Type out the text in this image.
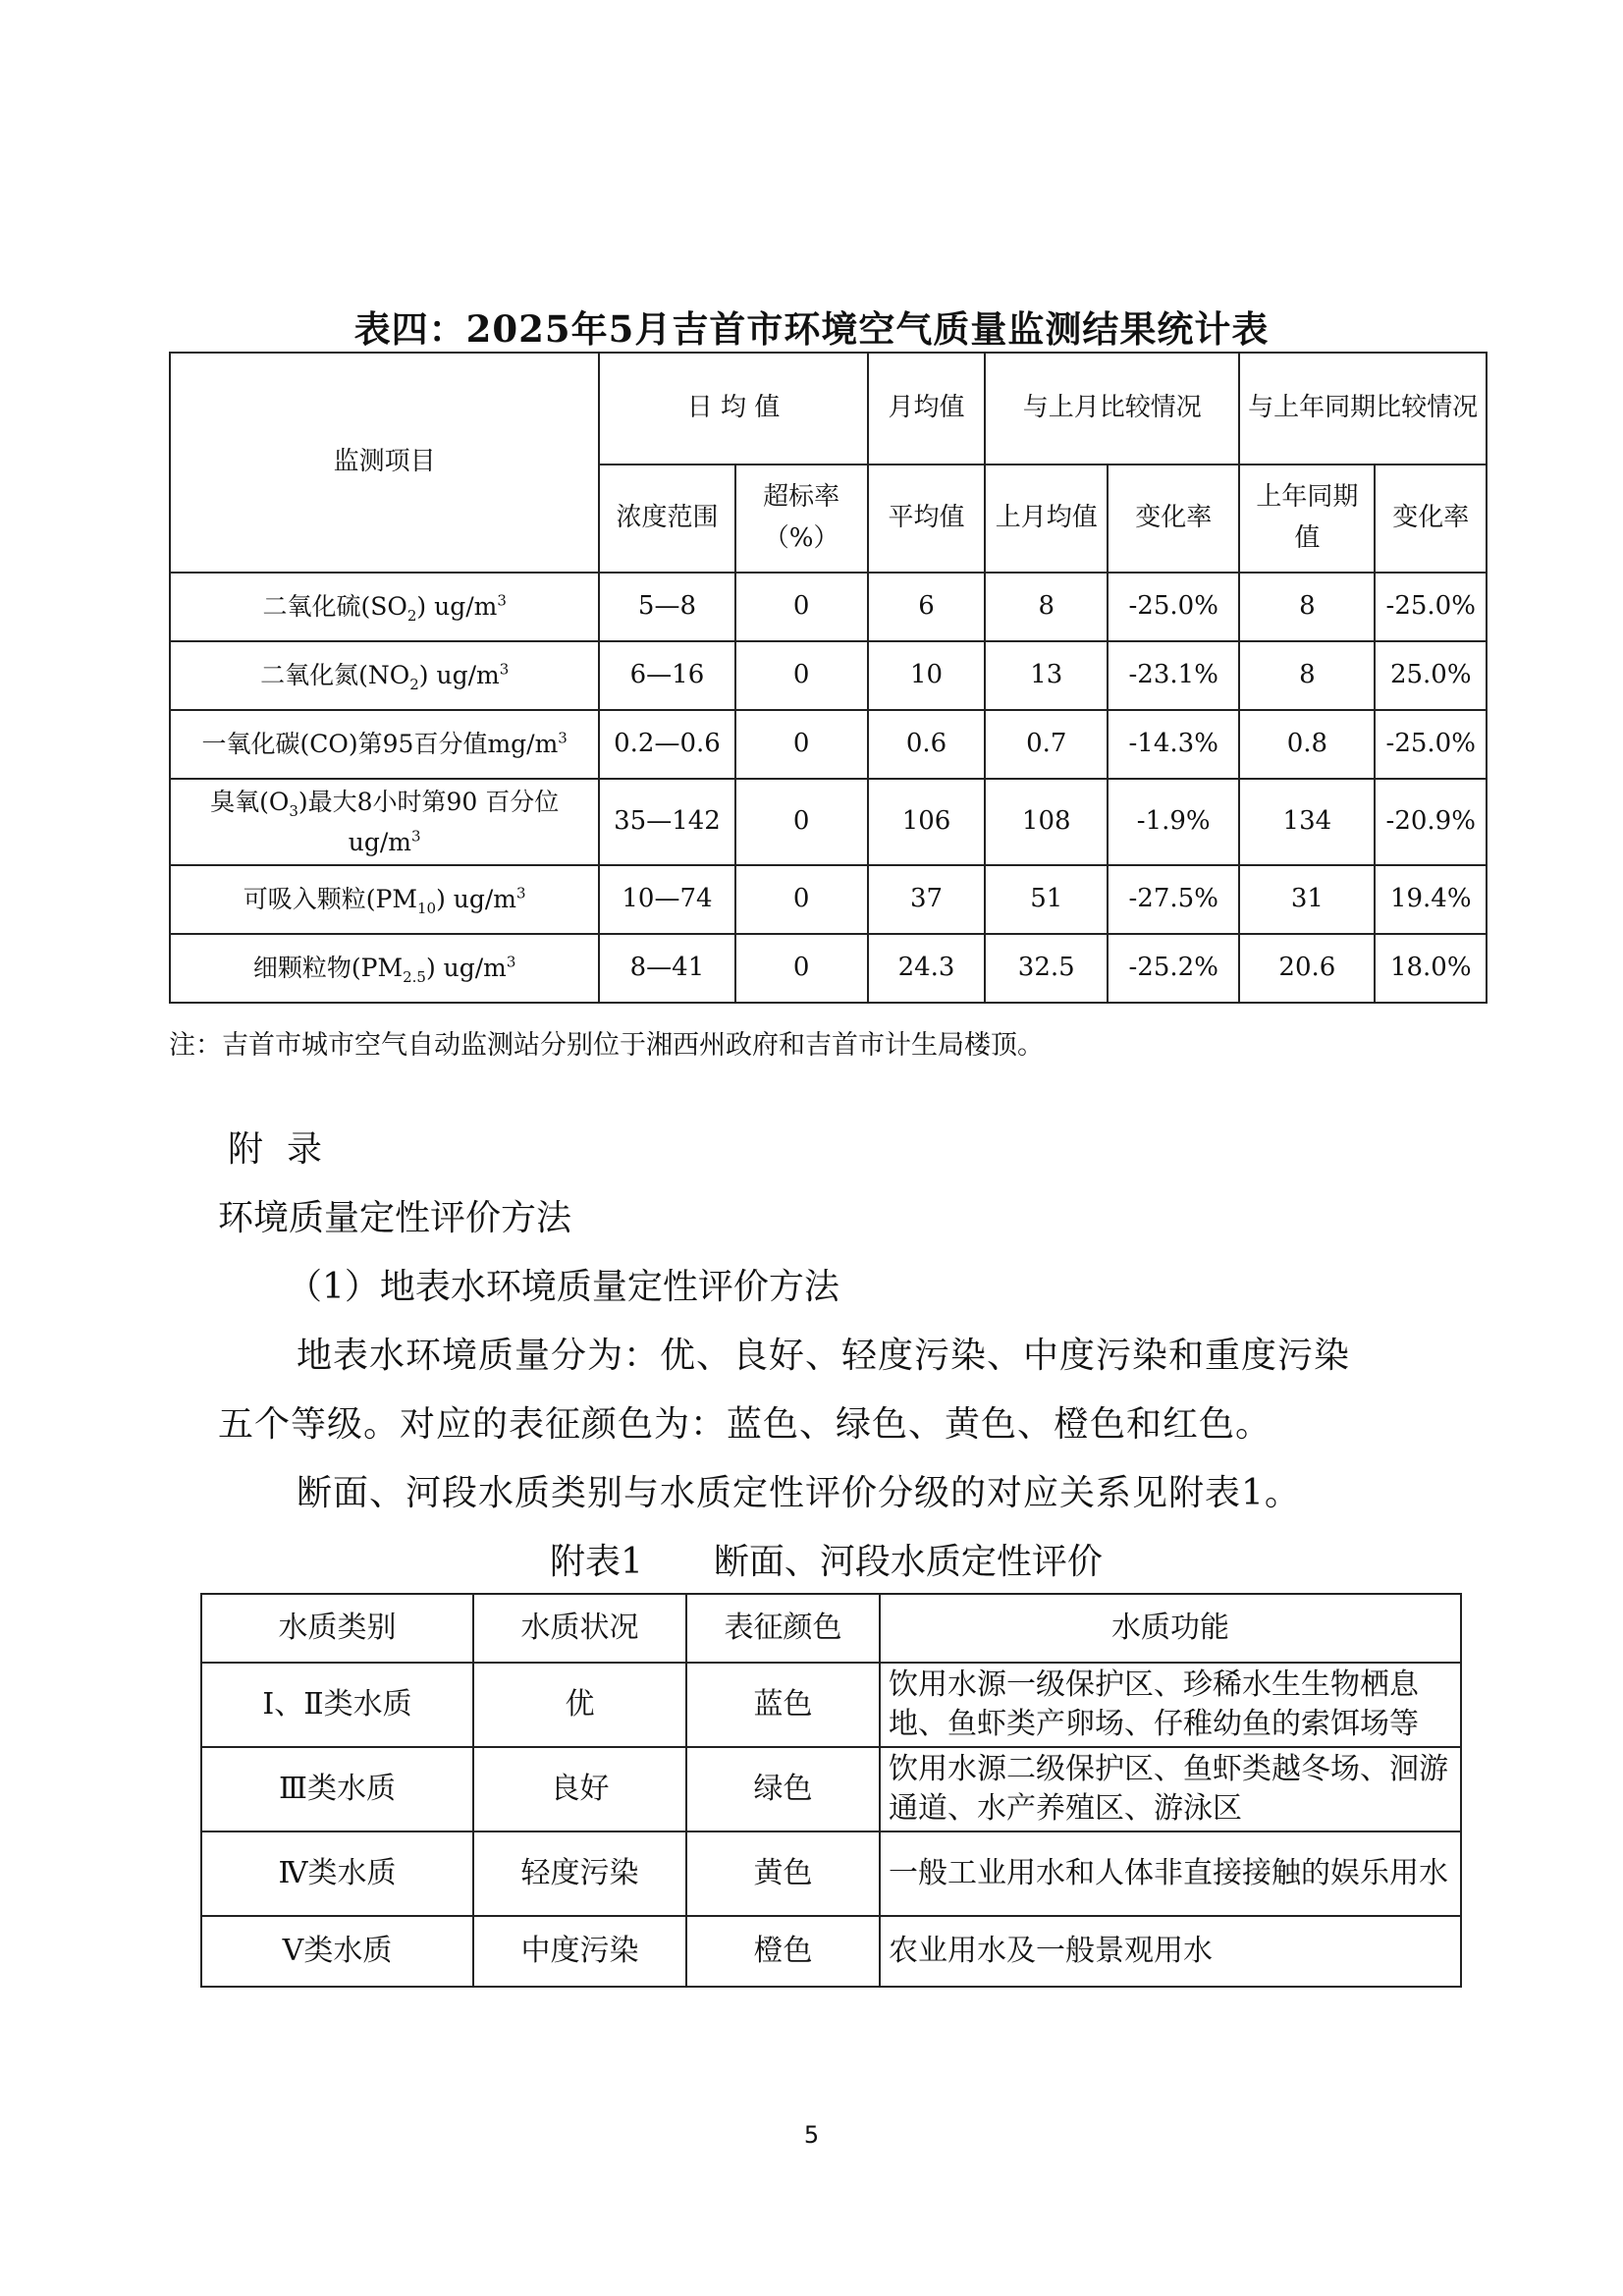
表四：2025年5月吉首市环境空气质量监测结果统计表
监测项目	日 均 值		月均值	与上月比较情况		与上年同期比较情况	
	浓度范围	超标率（%）	平均值	上月均值	变化率	上年同期值	变化率
二氧化硫$(SO_2)$ $ug/m^3$	5—8	0	6	8	-25.0%	8	-25.0%
二氧化氮$(NO_2)$ $ug/m^3$	6—16	0	10	13	-23.1%	8	25.0%
一氧化碳(CO)第95百分值$mg/m^3$	0.2—0.6	0	0.6	0.7	-14.3%	0.8	-25.0%
臭氧$(O_3)$最大8小时第90 百分位 $ug/m^3$	35—142	0	106	108	-1.9%	134	-20.9%
可吸入颗粒$(PM_{10})$ $ug/m^3$	10—74	0	37	51	-27.5%	31	19.4%
细颗粒物$(PM_{2.5})$ $ug/m^3$	8—41	0	24.3	32.5	-25.2%	20.6	18.0%
注：吉首市城市空气自动监测站分别位于湘西州政府和吉首市计生局楼顶。
附录
环境质量定性评价方法
（1）地表水环境质量定性评价方法
地表水环境质量分为：优、良好、轻度污染、中度污染和重度污染
五个等级。对应的表征颜色为：蓝色、绿色、黄色、橙色和红色。
断面、河段水质类别与水质定性评价分级的对应关系见附表1。
附表1　　断面、河段水质定性评价
水质类别	水质状况	表征颜色	水质功能
Ⅰ、Ⅱ类水质	优	蓝色	饮用水源一级保护区、珍稀水生生物栖息地、鱼虾类产卵场、仔稚幼鱼的索饵场等
Ⅲ类水质	良好	绿色	饮用水源二级保护区、鱼虾类越冬场、洄游通道、水产养殖区、游泳区
Ⅳ类水质	轻度污染	黄色	一般工业用水和人体非直接接触的娱乐用水
Ⅴ类水质	中度污染	橙色	农业用水及一般景观用水
5
